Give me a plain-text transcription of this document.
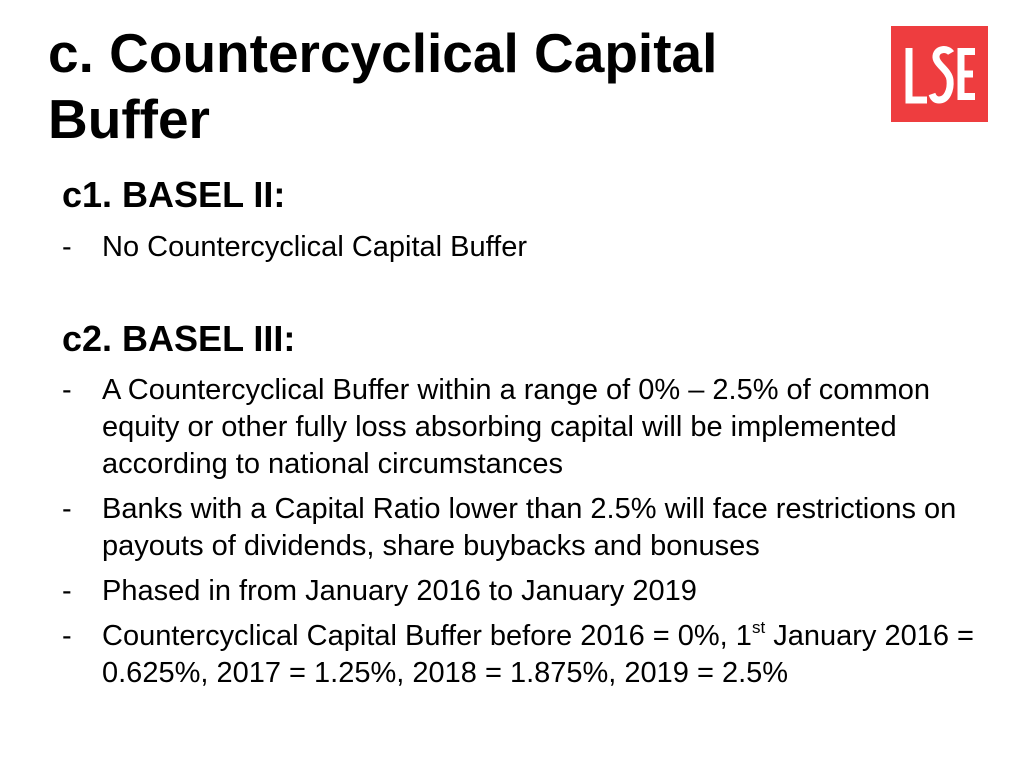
c. Countercyclical Capital Buffer
c1. BASEL II:
- No Countercyclical Capital Buffer
c2. BASEL III:
- A Countercyclical Buffer within a range of 0% – 2.5% of common equity or other fully loss absorbing capital will be implemented according to national circumstances
- Banks with a Capital Ratio lower than 2.5% will face restrictions on payouts of dividends, share buybacks and bonuses
- Phased in from January 2016 to January 2019
- Countercyclical Capital Buffer before 2016 = 0%, 1st January 2016 = 0.625%, 2017 = 1.25%, 2018 = 1.875%, 2019 = 2.5%
